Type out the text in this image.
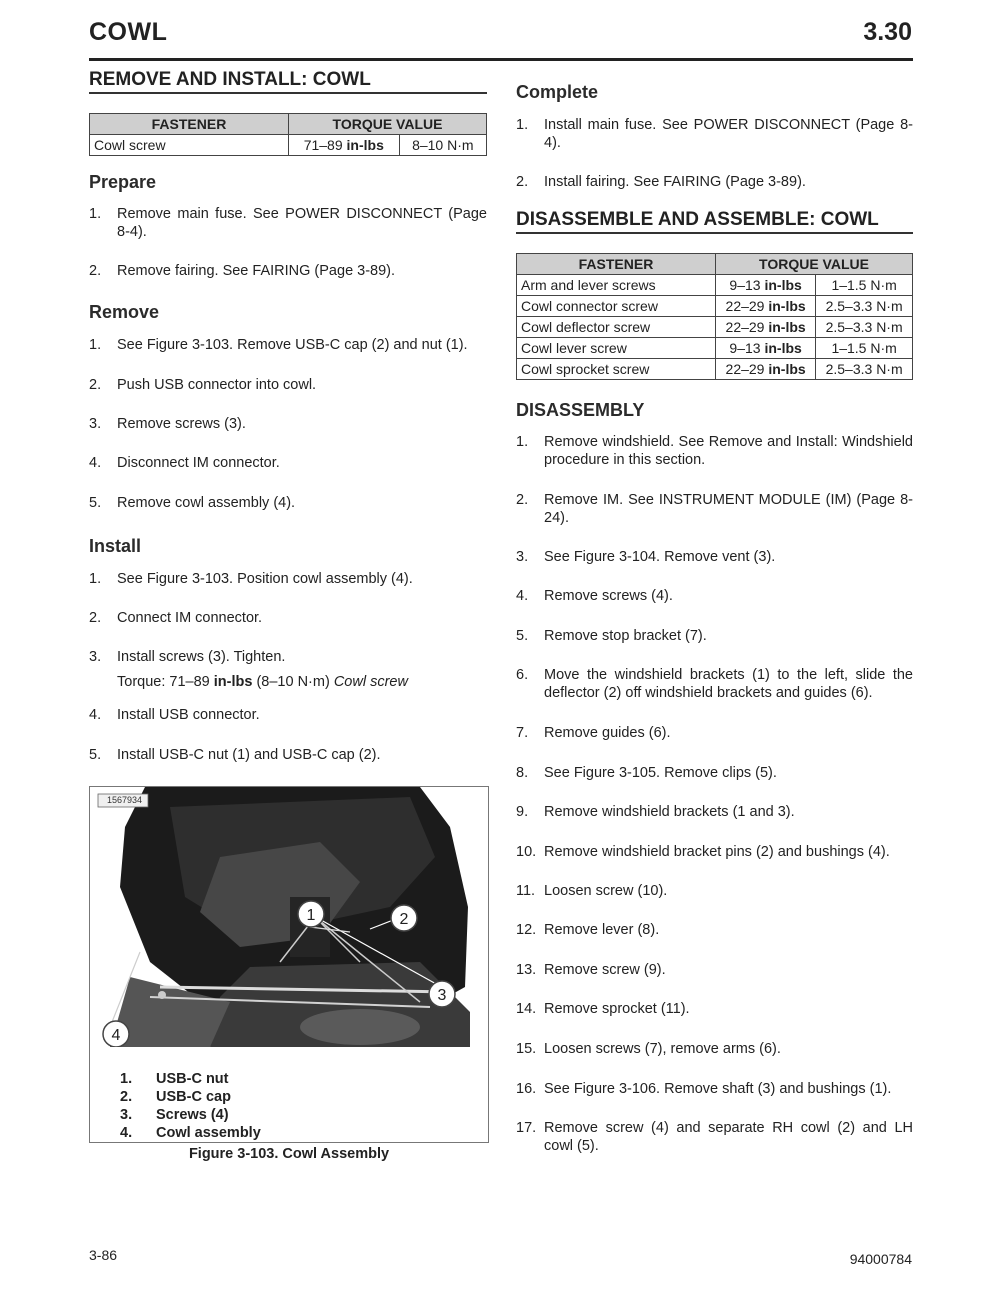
COWL	3.30
REMOVE AND INSTALL: COWL
FASTENER	TORQUE VALUE	
Cowl screw	71–89 in-lbs	8–10 N·m
Prepare
1. Remove main fuse. See POWER DISCONNECT (Page 8-4).
2. Remove fairing. See FAIRING (Page 3-89).
Remove
1. See Figure 3-103. Remove USB-C cap (2) and nut (1).
2. Push USB connector into cowl.
3. Remove screws (3).
4. Disconnect IM connector.
5. Remove cowl assembly (4).
Install
1. See Figure 3-103. Position cowl assembly (4).
2. Connect IM connector.
3. Install screws (3). Tighten.
Torque: 71–89 in-lbs (8–10 N·m) Cowl screw
4. Install USB connector.
5. Install USB-C nut (1) and USB-C cap (2).
1	2
3
4
1567934
1. USB-C nut
2. USB-C cap
3. Screws (4)
4. Cowl assembly
Figure 3-103. Cowl Assembly
Complete
1. Install main fuse. See POWER DISCONNECT (Page 8-4).
2. Install fairing. See FAIRING (Page 3-89).
DISASSEMBLE AND ASSEMBLE: COWL
FASTENER	TORQUE VALUE	
Arm and lever screws	9–13 in-lbs	1–1.5 N·m
Cowl connector screw	22–29 in-lbs	2.5–3.3 N·m
Cowl deflector screw	22–29 in-lbs	2.5–3.3 N·m
Cowl lever screw	9–13 in-lbs	1–1.5 N·m
Cowl sprocket screw	22–29 in-lbs	2.5–3.3 N·m
DISASSEMBLY
1. Remove windshield. See Remove and Install: Windshield procedure in this section.
2. Remove IM. See INSTRUMENT MODULE (IM) (Page 8-24).
3. See Figure 3-104. Remove vent (3).
4. Remove screws (4).
5. Remove stop bracket (7).
6. Move the windshield brackets (1) to the left, slide the deflector (2) off windshield brackets and guides (6).
7. Remove guides (6).
8. See Figure 3-105. Remove clips (5).
9. Remove windshield brackets (1 and 3).
10. Remove windshield bracket pins (2) and bushings (4).
11. Loosen screw (10).
12. Remove lever (8).
13. Remove screw (9).
14. Remove sprocket (11).
15. Loosen screws (7), remove arms (6).
16. See Figure 3-106. Remove shaft (3) and bushings (1).
17. Remove screw (4) and separate RH cowl (2) and LH cowl (5).
3-86	94000784
